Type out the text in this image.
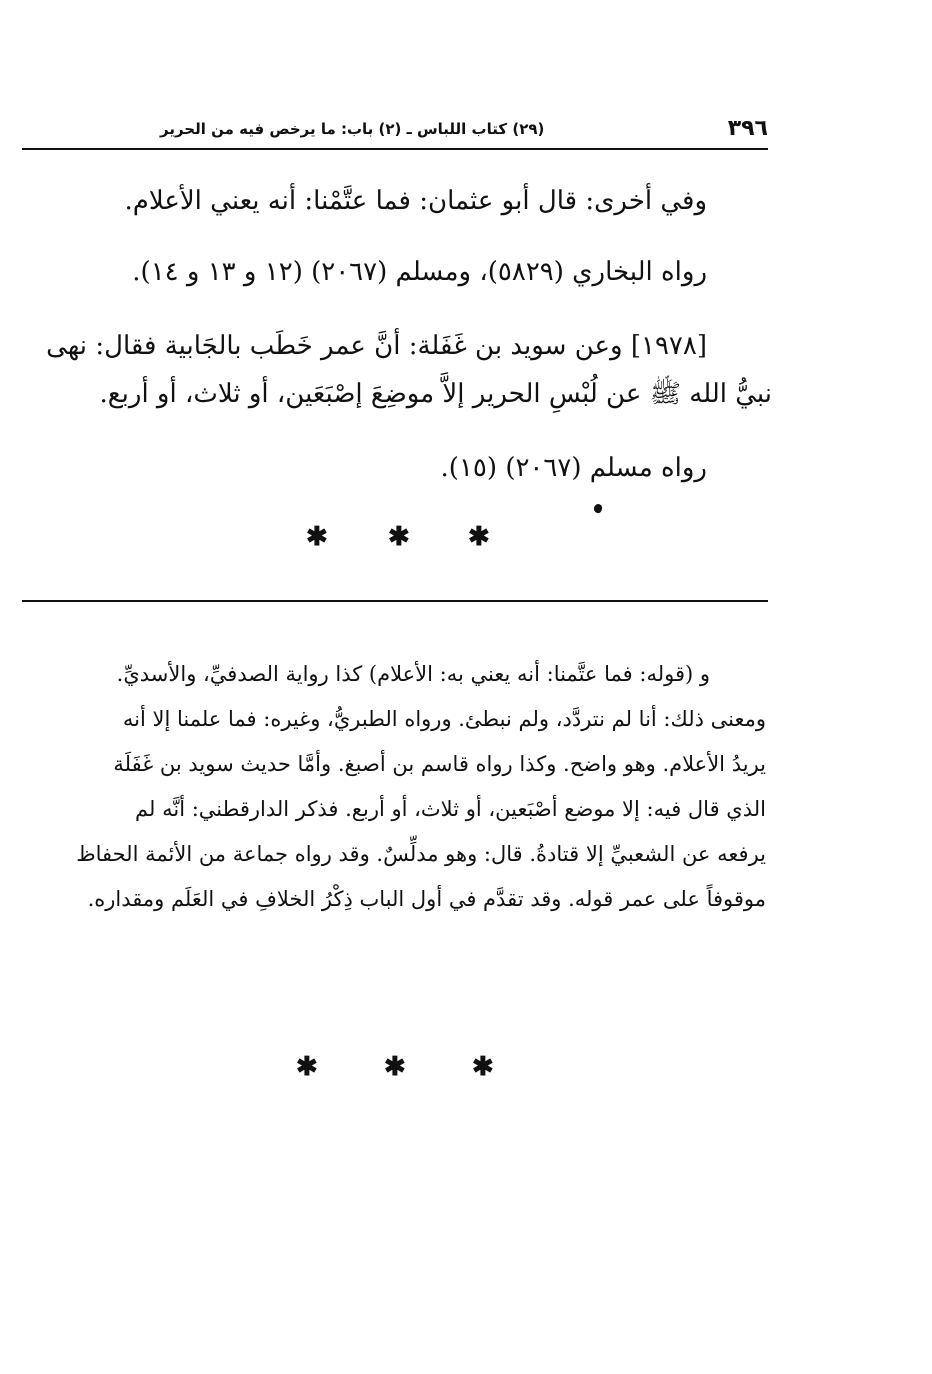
٣٩٦
(٢٩) كتاب اللباس ـ (٢) باب: ما يرخص فيه من الحرير
وفي أخرى: قال أبو عثمان: فما عتَّمْنا: أنه يعني الأعلام.
رواه البخاري (٥٨٢٩)، ومسلم (٢٠٦٧) (١٢ و ١٣ و ١٤).
[١٩٧٨] وعن سويد بن غَفَلة: أنَّ عمر خَطَب بالجَابية فقال: نهى
نبيُّ الله ﷺ عن لُبْسِ الحرير إلاَّ موضِعَ إصْبَعَين، أو ثلاث، أو أربع.
رواه مسلم (٢٠٦٧) (١٥).
✱ ✱ ✱
و (قوله: فما عتَّمنا: أنه يعني به: الأعلام) كذا رواية الصدفيِّ، والأسديِّ.
ومعنى ذلك: أنا لم نتردَّد، ولم نبطئ. ورواه الطبريُّ، وغيره: فما علمنا إلا أنه
يريدُ الأعلام. وهو واضح. وكذا رواه قاسم بن أصبغ. وأمَّا حديث سويد بن غَفَلَة
الذي قال فيه: إلا موضع أصْبَعين، أو ثلاث، أو أربع. فذكر الدارقطني: أنَّه لم
يرفعه عن الشعبيِّ إلا قتادةُ. قال: وهو مدلِّسٌ. وقد رواه جماعة من الأئمة الحفاظ
موقوفاً على عمر قوله. وقد تقدَّم في أول الباب ذِكْرُ الخلافِ في العَلَم ومقداره.
✱	✱	✱
